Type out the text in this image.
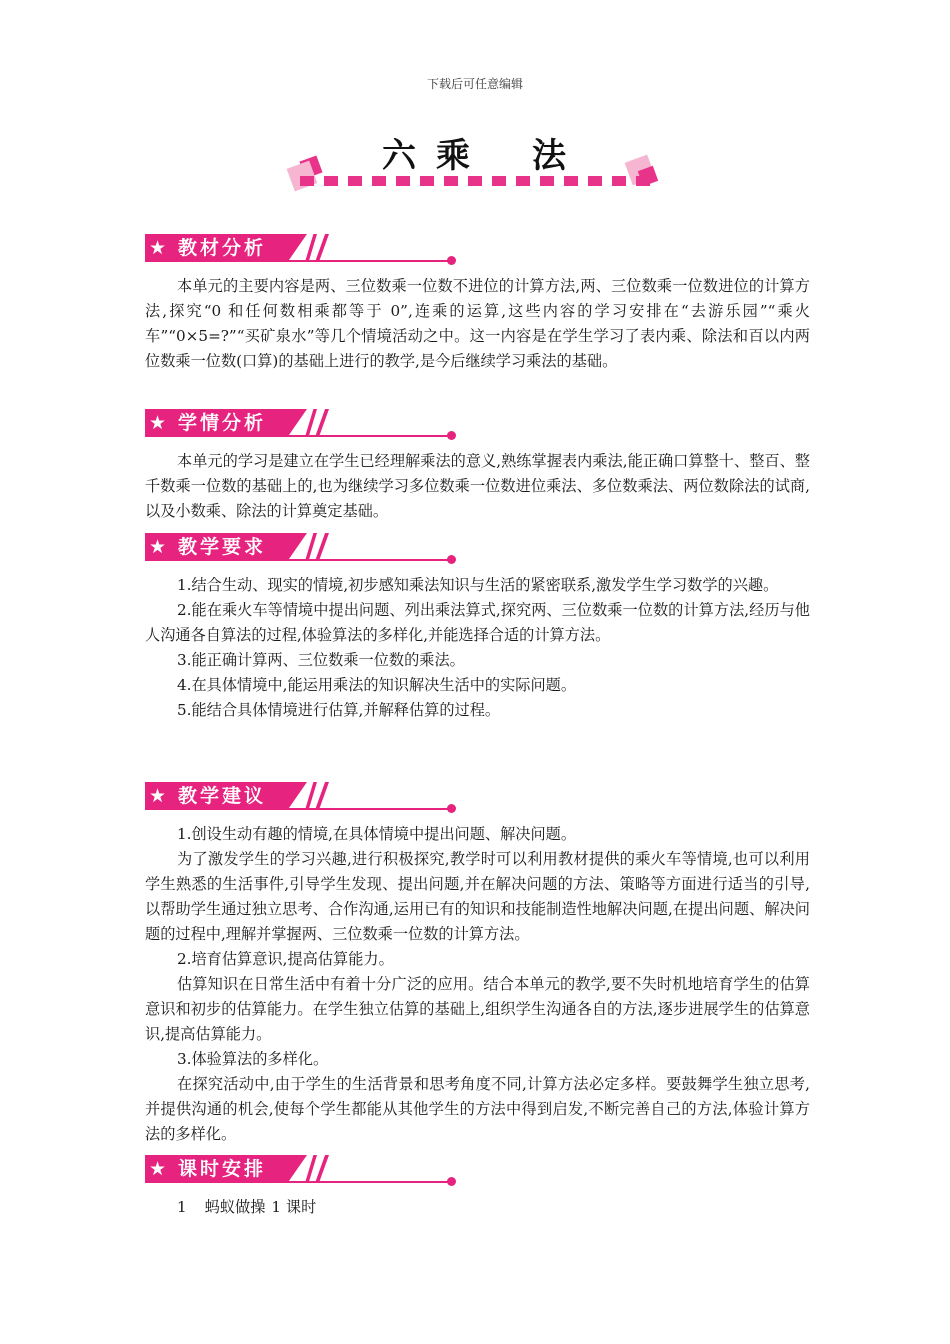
下载后可任意编辑
六 乘 法
★ 教材分析

本单元的主要内容是两、三位数乘一位数不进位的计算方法,两、三位数乘一位数进位的计算方法,探究“0 和任何数相乘都等于 0”,连乘的运算,这些内容的学习安排在“去游乐园”“乘火车”“0×5=?”“买矿泉水”等几个情境活动之中。这一内容是在学生学习了表内乘、除法和百以内两位数乘一位数(口算)的基础上进行的教学,是今后继续学习乘法的基础。

★ 学情分析

本单元的学习是建立在学生已经理解乘法的意义,熟练掌握表内乘法,能正确口算整十、整百、整千数乘一位数的基础上的,也为继续学习多位数乘一位数进位乘法、多位数乘法、两位数除法的试商,以及小数乘、除法的计算奠定基础。

★ 教学要求

1.结合生动、现实的情境,初步感知乘法知识与生活的紧密联系,激发学生学习数学的兴趣。

2.能在乘火车等情境中提出问题、列出乘法算式,探究两、三位数乘一位数的计算方法,经历与他人沟通各自算法的过程,体验算法的多样化,并能选择合适的计算方法。

3.能正确计算两、三位数乘一位数的乘法。

4.在具体情境中,能运用乘法的知识解决生活中的实际问题。

5.能结合具体情境进行估算,并解释估算的过程。

★ 教学建议

1.创设生动有趣的情境,在具体情境中提出问题、解决问题。

为了激发学生的学习兴趣,进行积极探究,教学时可以利用教材提供的乘火车等情境,也可以利用学生熟悉的生活事件,引导学生发现、提出问题,并在解决问题的方法、策略等方面进行适当的引导,以帮助学生通过独立思考、合作沟通,运用已有的知识和技能制造性地解决问题,在提出问题、解决问题的过程中,理解并掌握两、三位数乘一位数的计算方法。

2.培育估算意识,提高估算能力。

估算知识在日常生活中有着十分广泛的应用。结合本单元的教学,要不失时机地培育学生的估算意识和初步的估算能力。在学生独立估算的基础上,组织学生沟通各自的方法,逐步进展学生的估算意识,提高估算能力。

3.体验算法的多样化。

在探究活动中,由于学生的生活背景和思考角度不同,计算方法必定多样。要鼓舞学生独立思考,并提供沟通的机会,使每个学生都能从其他学生的方法中得到启发,不断完善自己的方法,体验计算方法的多样化。

★ 课时安排
1 蚂蚁做操 1 课时
